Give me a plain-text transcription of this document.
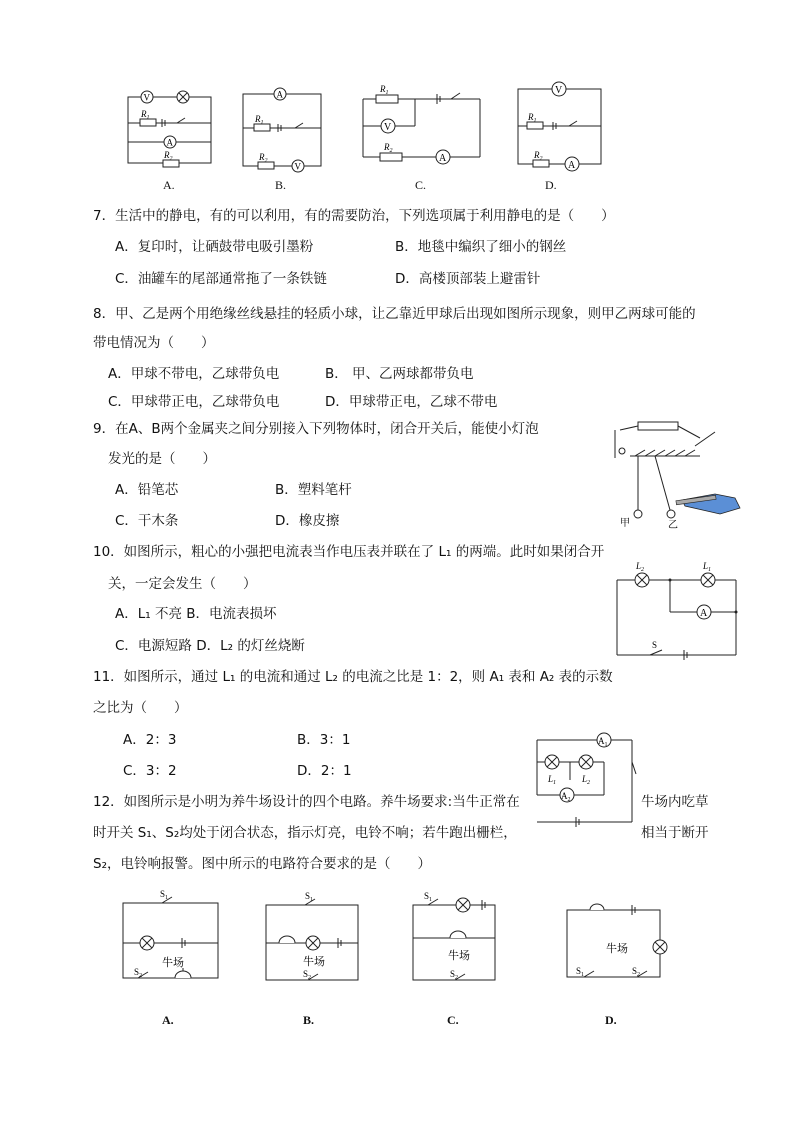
V
$R_1$
A
$R_2$
A.
A
$R_1$
$R_2$
V
B.
$R_1$
V
$R_2$
A
C.
V
$R_1$
$R_2$
A
D.
7．生活中的静电，有的可以利用，有的需要防治，下列选项属于利用静电的是（　　）
A．复印时，让硒鼓带电吸引墨粉	B．地毯中编织了细小的钢丝
C．油罐车的尾部通常拖了一条铁链	D．高楼顶部装上避雷针
8．甲、乙是两个用绝缘丝线悬挂的轻质小球，让乙靠近甲球后出现如图所示现象，则甲乙两球可能的
带电情况为（　　）
A．甲球不带电，乙球带负电	B． 甲、乙两球都带负电
C．甲球带正电，乙球带负电	D．甲球带正电，乙球不带电
甲	乙
9．在A、B两个金属夹之间分别接入下列物体时，闭合开关后，能使小灯泡
发光的是（　　）
A．铅笔芯	B．塑料笔杆
C．干木条	D．橡皮擦
10．如图所示，粗心的小强把电流表当作电压表并联在了 L₁ 的两端。此时如果闭合开
关，一定会发生（　　）
A．L₁ 不亮 B．电流表损坏
C．电源短路 D．L₂ 的灯丝烧断
$L_2$	$L_1$
A
S
11．如图所示，通过 L₁ 的电流和通过 L₂ 的电流之比是 1：2，则 A₁ 表和 A₂ 表的示数
之比为（　　）
A．2：3	B．3：1
C．3：2	D．2：1
$A_1$
$L_1$	$L_2$
$A_2$
12．如图所示是小明为养牛场设计的四个电路。养牛场要求:当牛正常在	牛场内吃草
时开关 S₁、S₂均处于闭合状态，指示灯亮，电铃不响；若牛跑出栅栏，	相当于断开
S₂，电铃响报警。图中所示的电路符合要求的是（　　）
$S_1$
牛场
$S_2$
A.
$S_1$
牛场
$S_2$
B.
$S_1$
牛场
$S_2$
C.
牛场
$S_1$	$S_2$
D.
